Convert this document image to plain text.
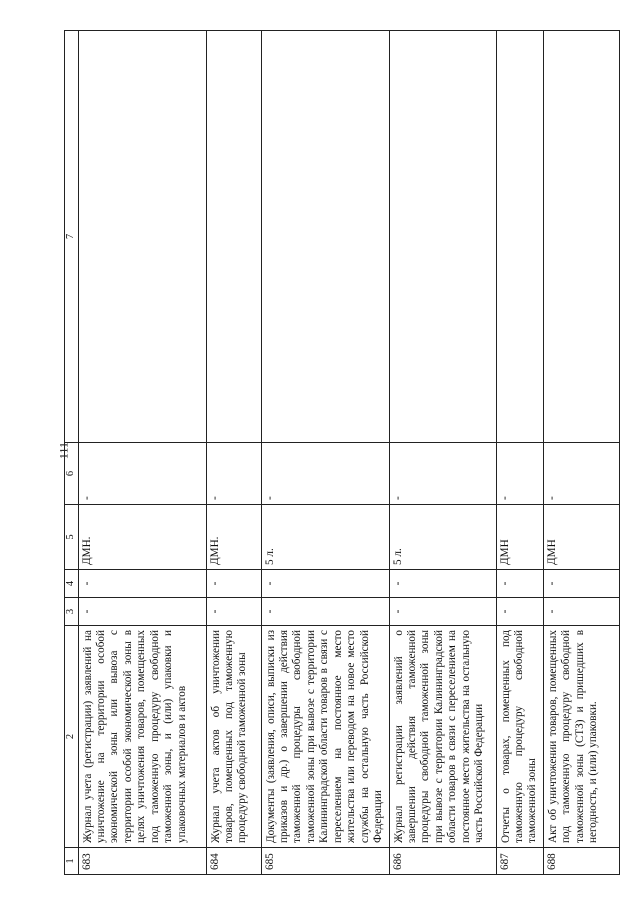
111
1	2	3	4	5	6	7
683	Журнал учета (регистрации) заявлений на уничтожение на территории особой экономической зоны или вывоза с территории особой экономической зоны в целях уничтожения товаров, помещенных под таможенную процедуру свободной таможенной зоны, и (или) упаковки и упаковочных материалов и актов	-	-	ДМН.	-	
684	Журнал учета актов об уничтожении товаров, помещенных под таможенную процедуру свободной таможенной зоны	-	-	ДМН.	-	
685	Документы (заявления, описи, выписки из приказов и др.) о завершении действия таможенной процедуры свободной таможенной зоны при вывозе с территории Калининградской области товаров в связи с переселением на постоянное место жительства или переводом на новое место службы на остальную часть Российской Федерации	-	-	5 л.	-	
686	Журнал регистрации заявлений о завершении действия таможенной процедуры свободной таможенной зоны при вывозе с территории Калининградской области товаров в связи с переселением на постоянное место жительства на остальную часть Российской Федерации	-	-	5 л.	-	
687	Отчеты о товарах, помещенных под таможенную процедуру свободной таможенной зоны	-	-	ДМН	-	
688	Акт об уничтожении товаров, помещенных под таможенную процедуру свободной таможенной зоны (СТЗ) и пришедших в негодность, и (или) упаковки.	-	-	ДМН	-	
